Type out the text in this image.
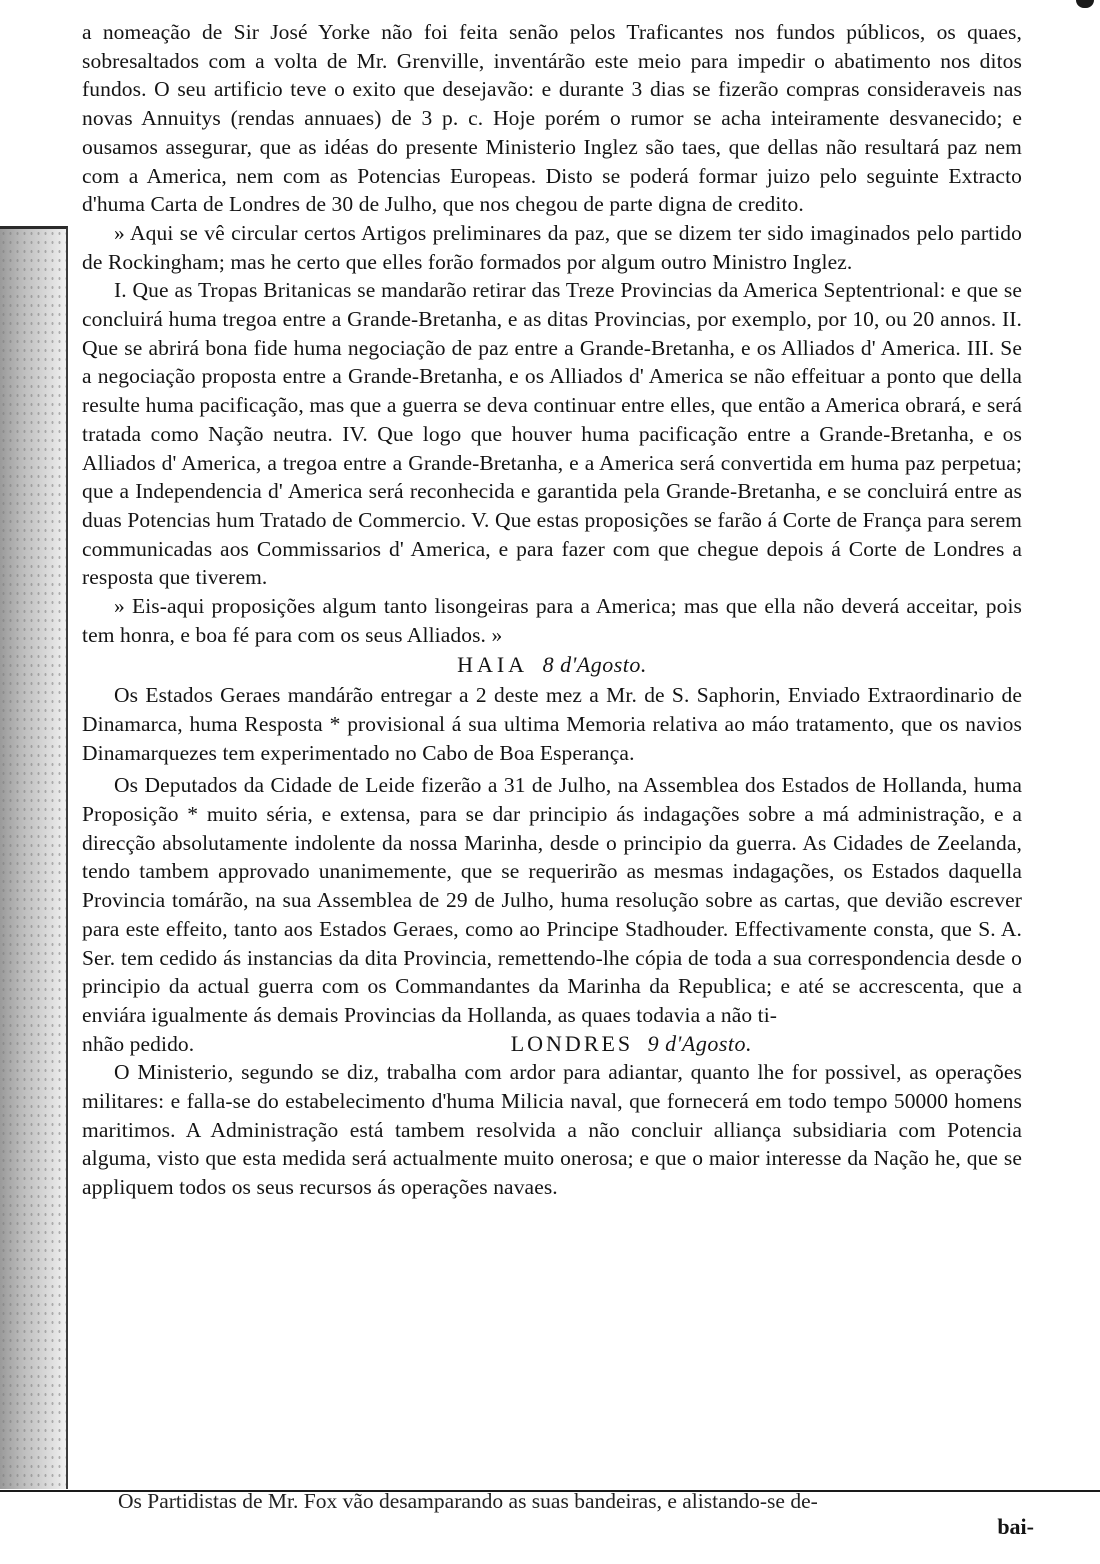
a nomeação de Sir José Yorke não foi feita senão pelos Traficantes nos fundos públicos, os quaes, sobresaltados com a volta de Mr. Grenville, inventárão este meio para impedir o abatimento nos ditos fundos. O seu artificio teve o exito que desejavão: e durante 3 dias se fizerão compras consideraveis nas novas Annuitys (rendas annuaes) de 3 p. c. Hoje porém o rumor se acha inteiramente desvanecido; e ousamos assegurar, que as idéas do presente Ministerio Inglez são taes, que dellas não resultará paz nem com a America, nem com as Potencias Europeas. Disto se poderá formar juizo pelo seguinte Extracto d'huma Carta de Londres de 30 de Julho, que nos chegou de parte digna de credito.

» Aqui se vê circular certos Artigos preliminares da paz, que se dizem ter sido imaginados pelo partido de Rockingham; mas he certo que elles forão formados por algum outro Ministro Inglez.

I. Que as Tropas Britanicas se mandarão retirar das Treze Provincias da America Septentrional: e que se concluirá huma tregoa entre a Grande-Bretanha, e as ditas Provincias, por exemplo, por 10, ou 20 annos. II. Que se abrirá bona fide huma negociação de paz entre a Grande-Bretanha, e os Alliados d' America. III. Se a negociação proposta entre a Grande-Bretanha, e os Alliados d' America se não effeituar a ponto que della resulte huma pacificação, mas que a guerra se deva continuar entre elles, que então a America obrará, e será tratada como Nação neutra. IV. Que logo que houver huma pacificação entre a Grande-Bretanha, e os Alliados d' America, a tregoa entre a Grande-Bretanha, e a America será convertida em huma paz perpetua; que a Independencia d' America será reconhecida e garantida pela Grande-Bretanha, e se concluirá entre as duas Potencias hum Tratado de Commercio. V. Que estas proposições se farão á Corte de França para serem communicadas aos Commissarios d' America, e para fazer com que chegue depois á Corte de Londres a resposta que tiverem.

» Eis-aqui proposições algum tanto lisongeiras para a America; mas que ella não deverá acceitar, pois tem honra, e boa fé para com os seus Alliados. »

HAIA 8 d'Agosto.

Os Estados Geraes mandárão entregar a 2 deste mez a Mr. de S. Saphorin, Enviado Extraordinario de Dinamarca, huma Resposta * provisional á sua ultima Memoria relativa ao máo tratamento, que os navios Dinamarquezes tem experimentado no Cabo de Boa Esperança.

Os Deputados da Cidade de Leide fizerão a 31 de Julho, na Assemblea dos Estados de Hollanda, huma Proposição * muito séria, e extensa, para se dar principio ás indagações sobre a má administração, e a direcção absolutamente indolente da nossa Marinha, desde o principio da guerra. As Cidades de Zeelanda, tendo tambem approvado unanimemente, que se requerirão as mesmas indagações, os Estados daquella Provincia tomárão, na sua Assemblea de 29 de Julho, huma resolução sobre as cartas, que devião escrever para este effeito, tanto aos Estados Geraes, como ao Principe Stadhouder. Effectivamente consta, que S. A. Ser. tem cedido ás instancias da dita Provincia, remettendo-lhe cópia de toda a sua correspondencia desde o principio da actual guerra com os Commandantes da Marinha da Republica; e até se accrescenta, que a enviára igualmente ás demais Provincias da Hollanda, as quaes todavia a não ti-

nhão pedido.	LONDRES 9 d'Agosto.

O Ministerio, segundo se diz, trabalha com ardor para adiantar, quanto lhe for possivel, as operações militares: e falla-se do estabelecimento d'huma Milicia naval, que fornecerá em todo tempo 50000 homens maritimos. A Administração está tambem resolvida a não concluir alliança subsidiaria com Potencia alguma, visto que esta medida será actualmente muito onerosa; e que o maior interesse da Nação he, que se appliquem todos os seus recursos ás operações navaes.

Os Partidistas de Mr. Fox vão desamparando as suas bandeiras, e alistando-se de-
bai-
